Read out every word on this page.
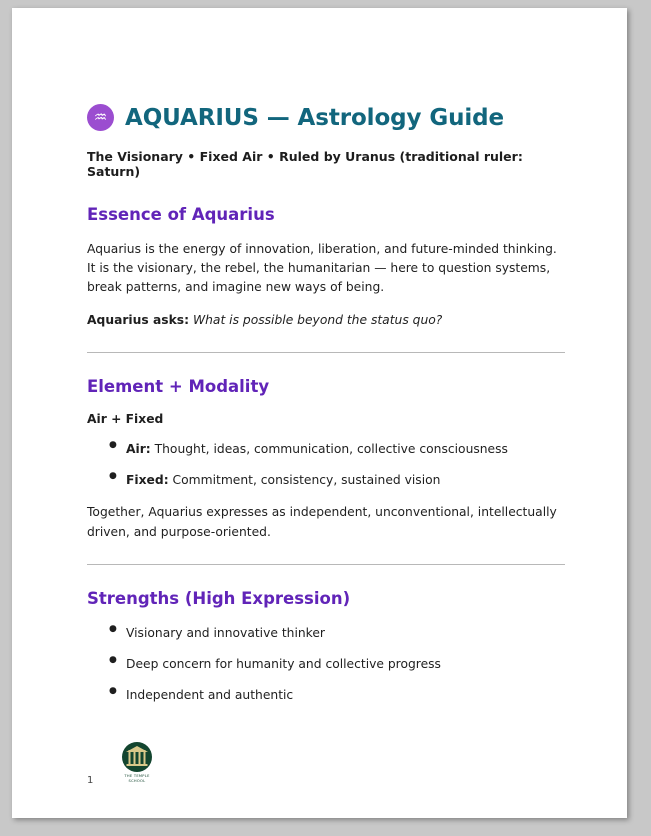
♒ AQUARIUS — Astrology Guide

The Visionary • Fixed Air • Ruled by Uranus (traditional ruler: Saturn)

Essence of Aquarius

Aquarius is the energy of innovation, liberation, and future-minded thinking. It is the visionary, the rebel, the humanitarian — here to question systems, break patterns, and imagine new ways of being.

Aquarius asks: What is possible beyond the status quo?

Element + Modality

Air + Fixed

● Air: Thought, ideas, communication, collective consciousness
● Fixed: Commitment, consistency, sustained vision

Together, Aquarius expresses as independent, unconventional, intellectually driven, and purpose-oriented.

Strengths (High Expression)
● Visionary and innovative thinker
● Deep concern for humanity and collective progress
● Independent and authentic
1	THE TEMPLE
SCHOOL
